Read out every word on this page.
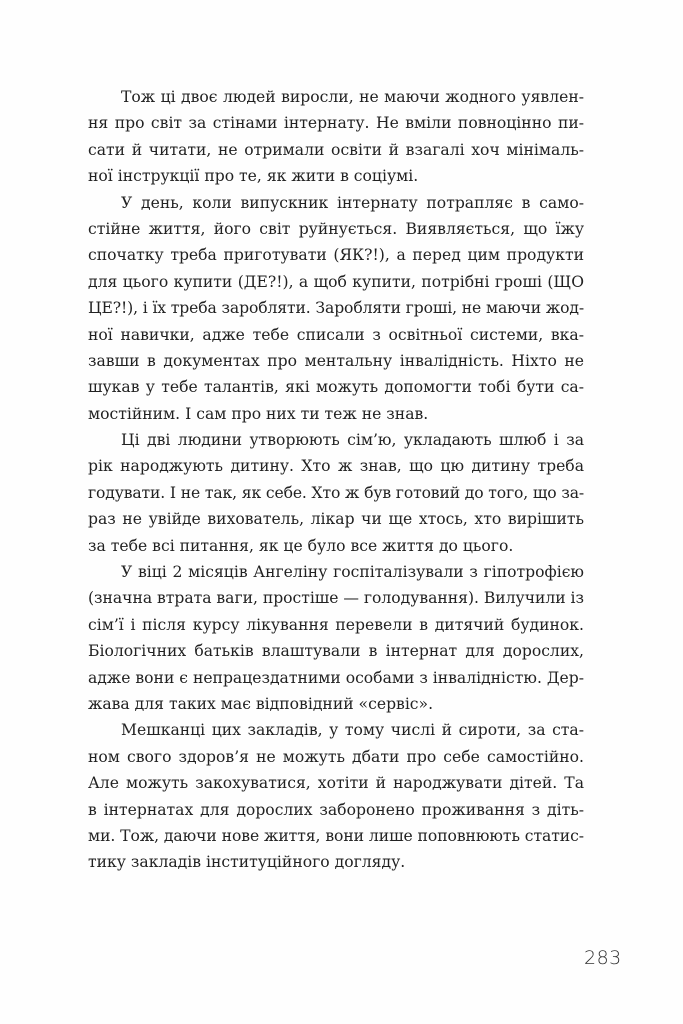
Тож ці двоє людей виросли, не маючи жодного уявлен-
ня про світ за стінами інтернату. Не вміли повноцінно пи-
сати й читати, не отримали освіти й взагалі хоч мінімаль-
ної інструкції про те, як жити в соціумі.
У день, коли випускник інтернату потрапляє в само-
стійне життя, його світ руйнується. Виявляється, що їжу
спочатку треба приготувати (ЯК?!), а перед цим продукти
для цього купити (ДЕ?!), а щоб купити, потрібні гроші (ЩО
ЦЕ?!), і їх треба заробляти. Заробляти гроші, не маючи жод-
ної навички, адже тебе списали з освітньої системи, вка-
завши в документах про ментальну інвалідність. Ніхто не
шукав у тебе талантів, які можуть допомогти тобі бути са-
мостійним. І сам про них ти теж не знав.
Ці дві людини утворюють сім’ю, укладають шлюб і за
рік народжують дитину. Хто ж знав, що цю дитину треба
годувати. І не так, як себе. Хто ж був готовий до того, що за-
раз не увійде вихователь, лікар чи ще хтось, хто вирішить
за тебе всі питання, як це було все життя до цього.
У віці 2 місяців Ангеліну госпіталізували з гіпотрофією
(значна втрата ваги, простіше — голодування). Вилучили із
сім’ї і після курсу лікування перевели в дитячий будинок.
Біологічних батьків влаштували в інтернат для дорослих,
адже вони є непрацездатними особами з інвалідністю. Дер-
жава для таких має відповідний «сервіс».
Мешканці цих закладів, у тому числі й сироти, за ста-
ном свого здоров’я не можуть дбати про себе самостійно.
Але можуть закохуватися, хотіти й народжувати дітей. Та
в інтернатах для дорослих заборонено проживання з діть-
ми. Тож, даючи нове життя, вони лише поповнюють статис-
тику закладів інституційного догляду.
283
